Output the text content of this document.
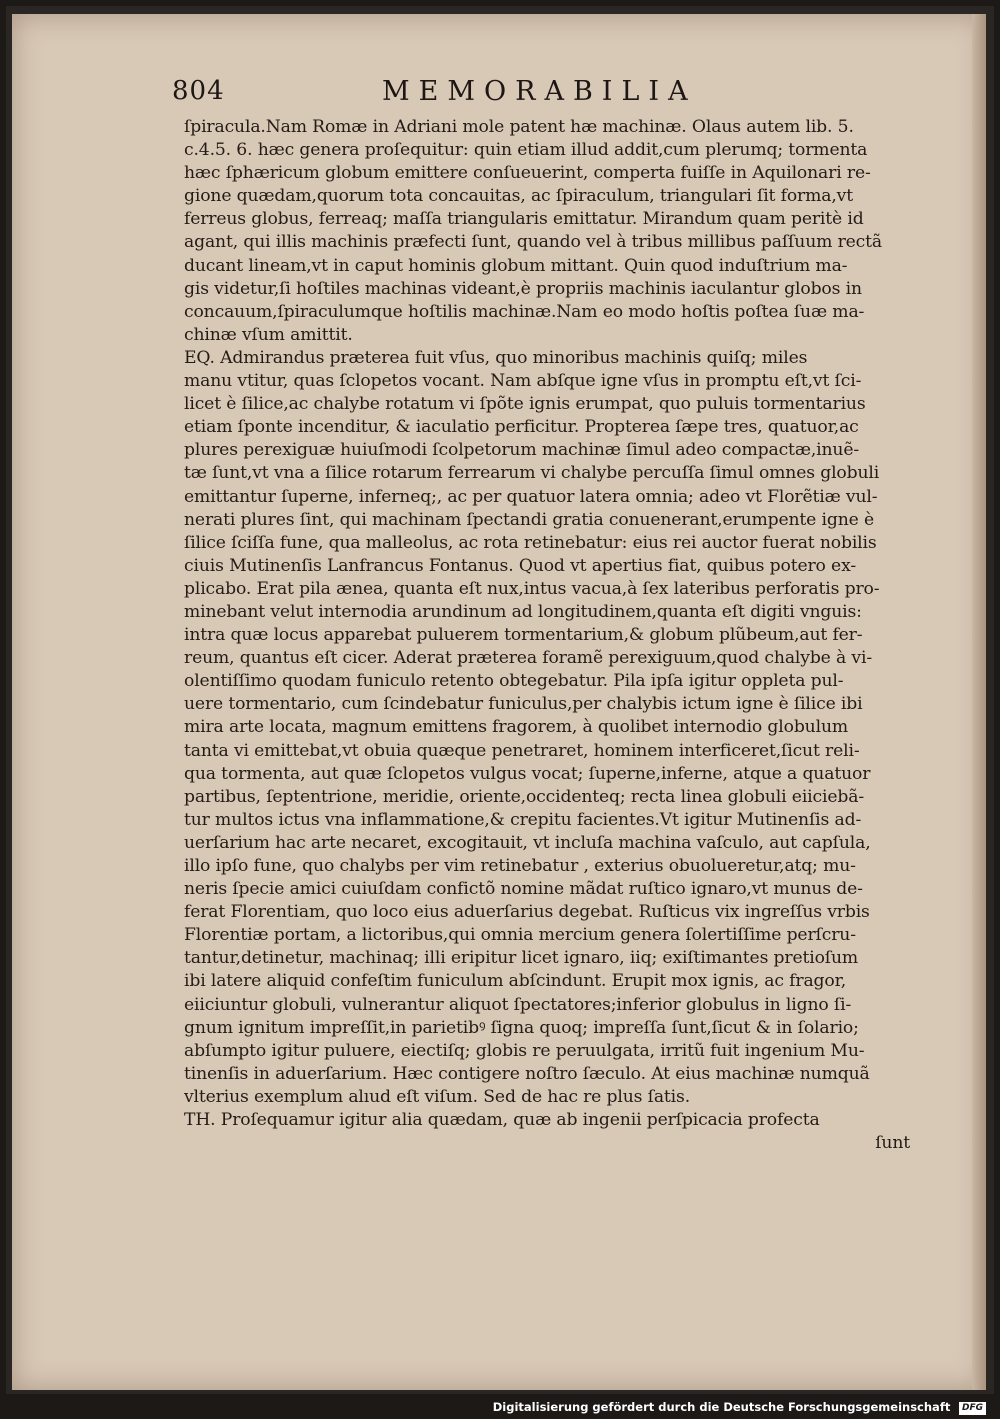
804	MEMORABILIA
ſpiracula.Nam Romæ in Adriani mole patent hæ machinæ. Olaus autem lib. 5.
c.4.5. 6. hæc genera proſequitur: quin etiam illud addit,cum plerumq; tormenta
hæc ſphæricum globum emittere conſueuerint, comperta fuiſſe in Aquilonari re-
gione quædam,quorum tota concauitas, ac ſpiraculum, triangulari ſit forma,vt
ferreus globus, ferreaq; maſſa triangularis emittatur. Mirandum quam peritè id
agant, qui illis machinis præfecti ſunt, quando vel à tribus millibus paſſuum rectã
ducant lineam,vt in caput hominis globum mittant. Quin quod induſtrium ma-
gis videtur,ſi hoſtiles machinas videant,è propriis machinis iaculantur globos in
concauum,ſpiraculumque hoſtilis machinæ.Nam eo modo hoſtis poſtea ſuæ ma-
chinæ vſum amittit.
EQ. Admirandus præterea fuit vſus, quo minoribus machinis quiſq; miles
manu vtitur, quas ſclopetos vocant. Nam abſque igne vſus in promptu eſt,vt ſci-
licet è ſilice,ac chalybe rotatum vi ſpõte ignis erumpat, quo puluis tormentarius
etiam ſponte incenditur, & iaculatio perficitur. Propterea ſæpe tres, quatuor,ac
plures perexiguæ huiuſmodi ſcolpetorum machinæ ſimul adeo compactæ,inuẽ-
tæ ſunt,vt vna a ſilice rotarum ferrearum vi chalybe percuſſa ſimul omnes globuli
emittantur ſuperne, inferneq;, ac per quatuor latera omnia; adeo vt Florẽtiæ vul-
nerati plures ſint, qui machinam ſpectandi gratia conuenerant,erumpente igne è
ſilice ſciſſa fune, qua malleolus, ac rota retinebatur: eius rei auctor fuerat nobilis
ciuis Mutinenſis Lanfrancus Fontanus. Quod vt apertius fiat, quibus potero ex-
plicabo. Erat pila ænea, quanta eſt nux,intus vacua,à ſex lateribus perforatis pro-
minebant velut internodia arundinum ad longitudinem,quanta eſt digiti vnguis:
intra quæ locus apparebat puluerem tormentarium,& globum plũbeum,aut fer-
reum, quantus eſt cicer. Aderat præterea foramẽ perexiguum,quod chalybe à vi-
olentiſſimo quodam funiculo retento obtegebatur. Pila ipſa igitur oppleta pul-
uere tormentario, cum ſcindebatur funiculus,per chalybis ictum igne è ſilice ibi
mira arte locata, magnum emittens fragorem, à quolibet internodio globulum
tanta vi emittebat,vt obuia quæque penetraret, hominem interficeret,ſicut reli-
qua tormenta, aut quæ ſclopetos vulgus vocat; ſuperne,inferne, atque a quatuor
partibus, ſeptentrione, meridie, oriente,occidenteq; recta linea globuli eiiciebã-
tur multos ictus vna inflammatione,& crepitu facientes.Vt igitur Mutinenſis ad-
uerſarium hac arte necaret, excogitauit, vt incluſa machina vaſculo, aut capſula,
illo ipſo fune, quo chalybs per vim retinebatur , exterius obuolueretur,atq; mu-
neris ſpecie amici cuiuſdam confictõ nomine mãdat ruſtico ignaro,vt munus de-
ferat Florentiam, quo loco eius aduerſarius degebat. Ruſticus vix ingreſſus vrbis
Florentiæ portam, a lictoribus,qui omnia mercium genera ſolertiſſime perſcru-
tantur,detinetur, machinaq; illi eripitur licet ignaro, iiq; exiſtimantes pretioſum
ibi latere aliquid confeſtim funiculum abſcindunt. Erupit mox ignis, ac fragor,
eiiciuntur globuli, vulnerantur aliquot ſpectatores;inferior globulus in ligno ſi-
gnum ignitum impreſſit,in parietibꝰ ſigna quoq; impreſſa ſunt,ſicut & in ſolario;
abſumpto igitur puluere, eiectiſq; globis re peruulgata, irritũ fuit ingenium Mu-
tinenſis in aduerſarium. Hæc contigere noſtro ſæculo. At eius machinæ numquã
vlterius exemplum alıud eſt viſum. Sed de hac re plus ſatis.
TH. Proſequamur igitur alia quædam, quæ ab ingenii perſpicacia profecta
ſunt
Digitalisierung gefördert durch die Deutsche Forschungsgemeinschaft DFG
